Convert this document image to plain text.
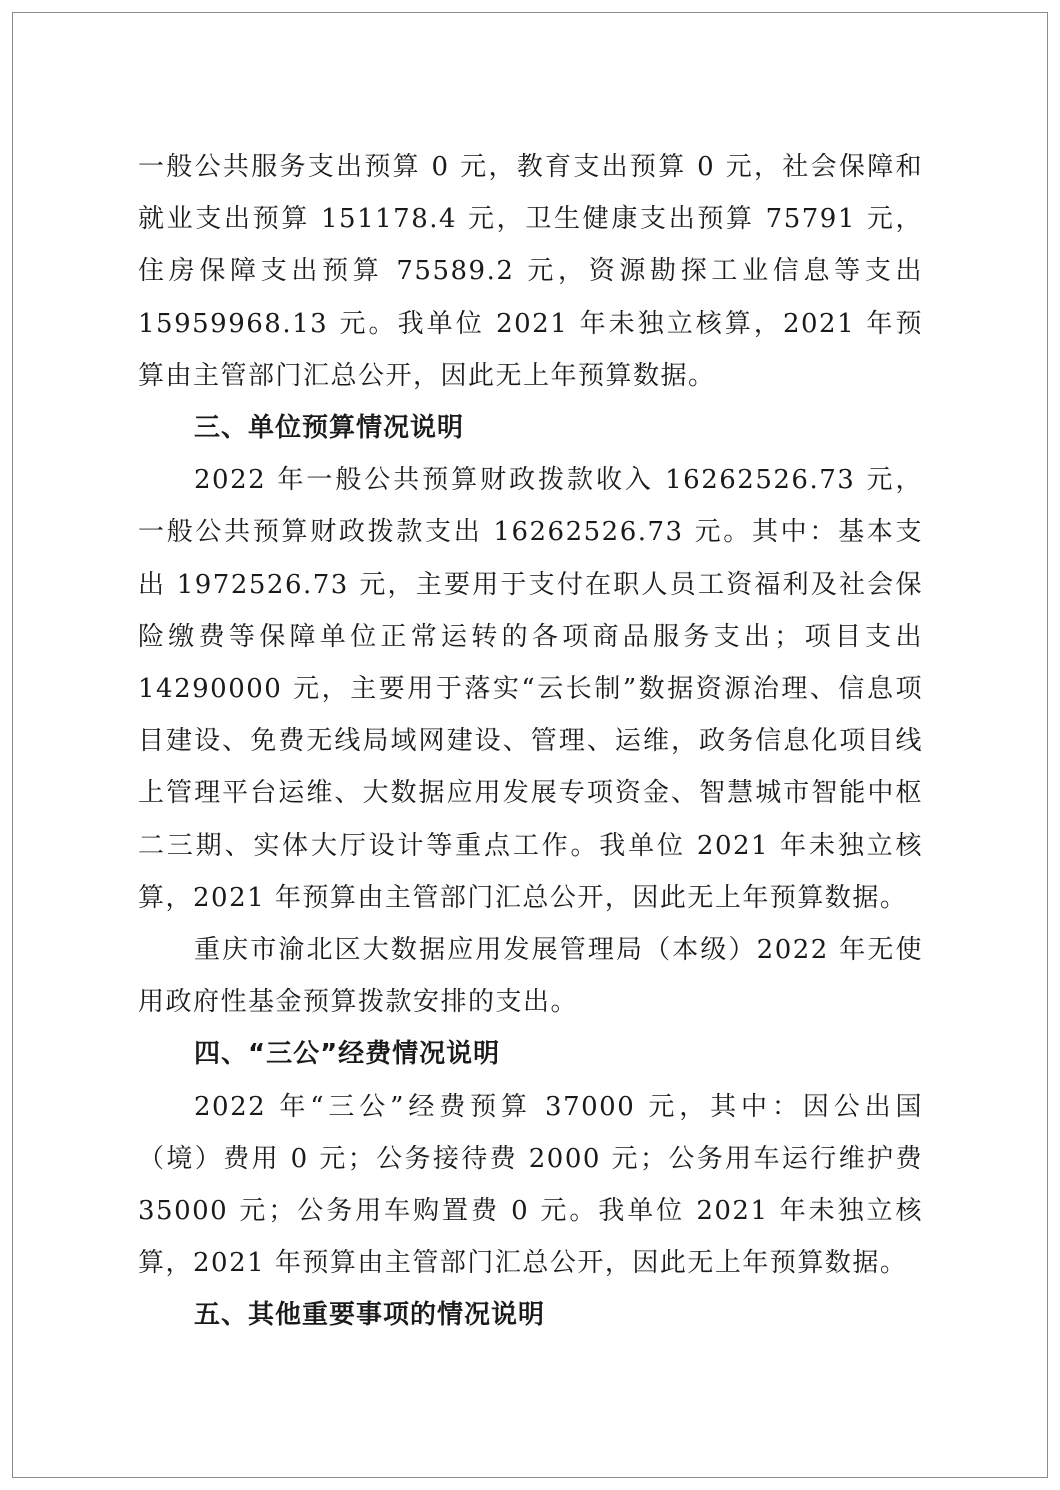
一般公共服务支出预算 0 元，教育支出预算 0 元，社会保障和就业支出预算 151178.4 元，卫生健康支出预算 75791 元，住房保障支出预算 75589.2 元，资源勘探工业信息等支出 15959968.13 元。我单位 2021 年未独立核算，2021 年预算由主管部门汇总公开，因此无上年预算数据。

三、单位预算情况说明

2022 年一般公共预算财政拨款收入 16262526.73 元，一般公共预算财政拨款支出 16262526.73 元。其中：基本支出 1972526.73 元，主要用于支付在职人员工资福利及社会保险缴费等保障单位正常运转的各项商品服务支出；项目支出 14290000 元，主要用于落实“云长制”数据资源治理、信息项目建设、免费无线局域网建设、管理、运维，政务信息化项目线上管理平台运维、大数据应用发展专项资金、智慧城市智能中枢二三期、实体大厅设计等重点工作。我单位 2021 年未独立核算，2021 年预算由主管部门汇总公开，因此无上年预算数据。

重庆市渝北区大数据应用发展管理局（本级）2022 年无使用政府性基金预算拨款安排的支出。

四、“三公”经费情况说明

2022 年“三公”经费预算 37000 元，其中：因公出国（境）费用 0 元；公务接待费 2000 元；公务用车运行维护费 35000 元；公务用车购置费 0 元。我单位 2021 年未独立核算，2021 年预算由主管部门汇总公开，因此无上年预算数据。

五、其他重要事项的情况说明
